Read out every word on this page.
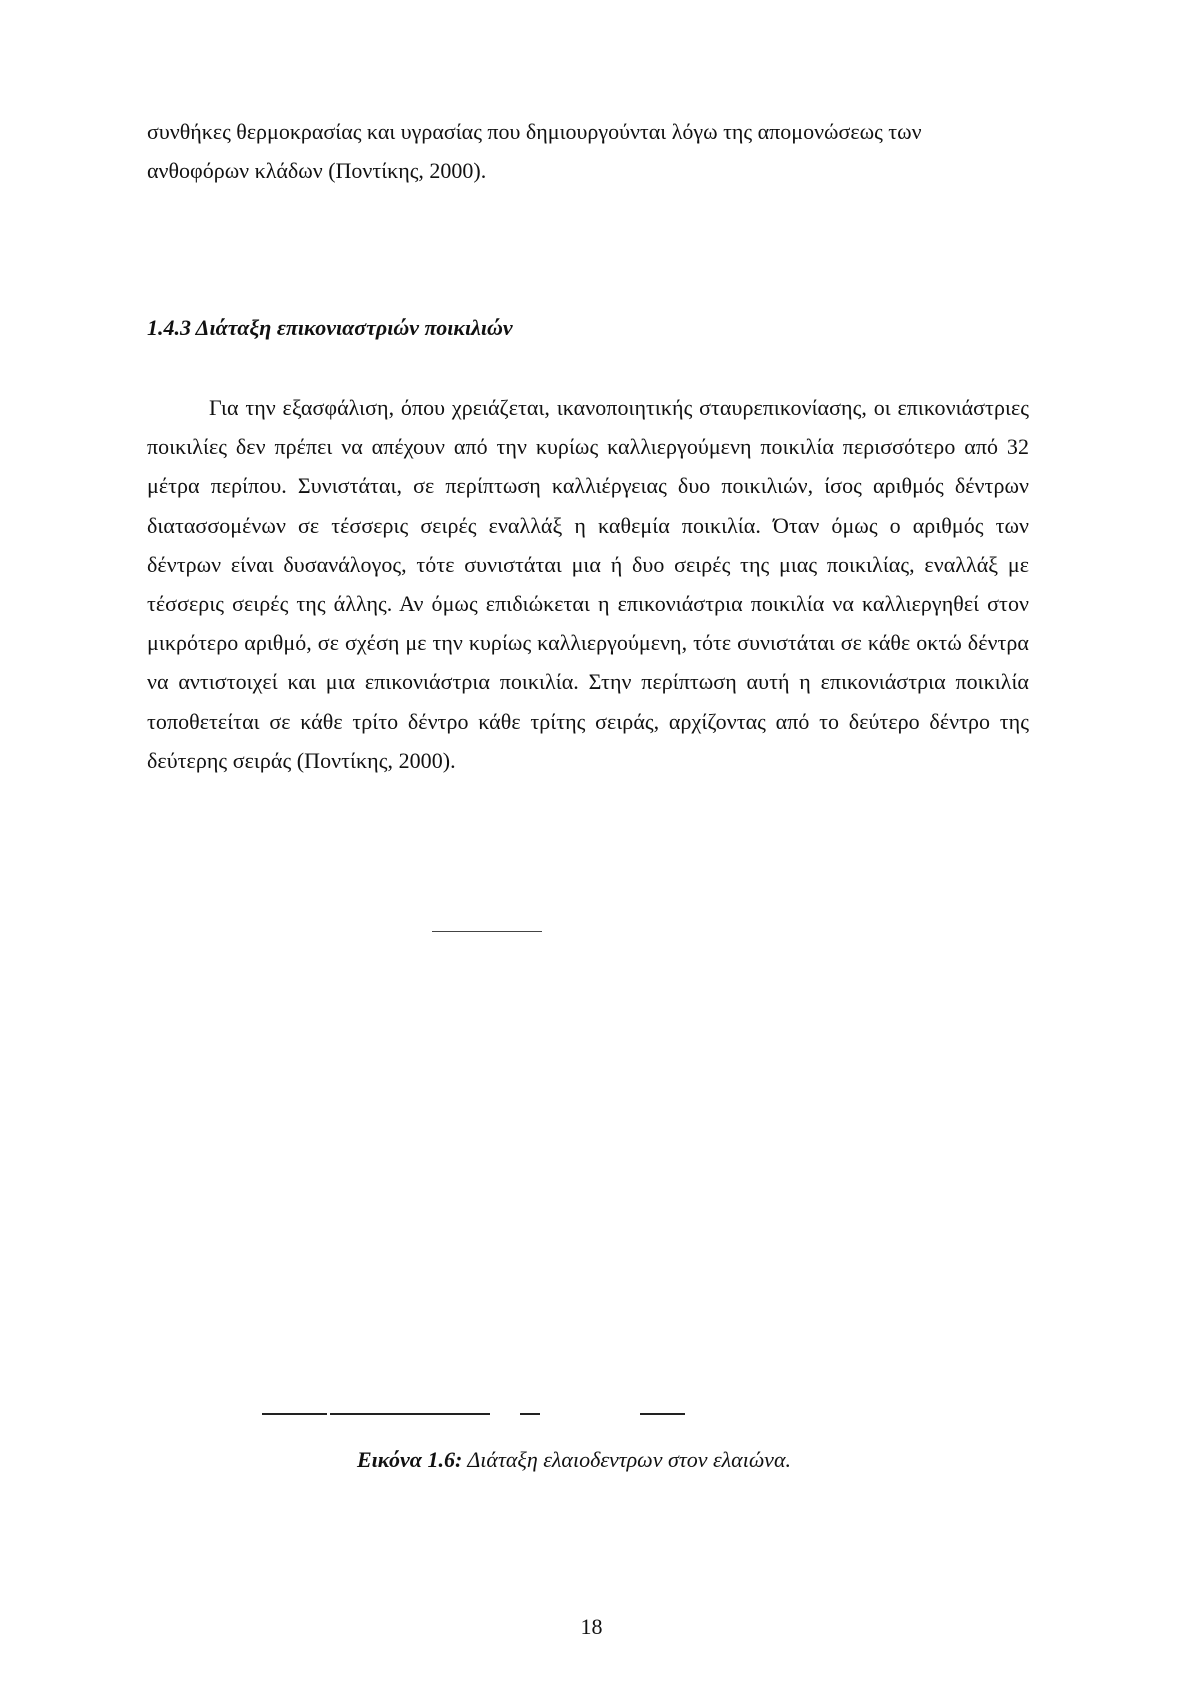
συνθήκες θερμοκρασίας και υγρασίας που δημιουργούνται λόγω της απομονώσεως των ανθοφόρων κλάδων (Ποντίκης, 2000).

1.4.3 Διάταξη επικονιαστριών ποικιλιών

Για την εξασφάλιση, όπου χρειάζεται, ικανοποιητικής σταυρεπικονίασης, οι επικονιάστριες ποικιλίες δεν πρέπει να απέχουν από την κυρίως καλλιεργούμενη ποικιλία περισσότερο από 32 μέτρα περίπου. Συνιστάται, σε περίπτωση καλλιέργειας δυο ποικιλιών, ίσος αριθμός δέντρων διατασσομένων σε τέσσερις σειρές εναλλάξ η καθεμία ποικιλία. Όταν όμως ο αριθμός των δέντρων είναι δυσανάλογος, τότε συνιστάται μια ή δυο σειρές της μιας ποικιλίας, εναλλάξ με τέσσερις σειρές της άλλης. Αν όμως επιδιώκεται η επικονιάστρια ποικιλία να καλλιεργηθεί στον μικρότερο αριθμό, σε σχέση με την κυρίως καλλιεργούμενη, τότε συνιστάται σε κάθε οκτώ δέντρα να αντιστοιχεί και μια επικονιάστρια ποικιλία. Στην περίπτωση αυτή η επικονιάστρια ποικιλία τοποθετείται σε κάθε τρίτο δέντρο κάθε τρίτης σειράς, αρχίζοντας από το δεύτερο δέντρο της δεύτερης σειράς (Ποντίκης, 2000).

Εικόνα 1.6: Διάταξη ελαιοδεντρων στον ελαιώνα.
18
